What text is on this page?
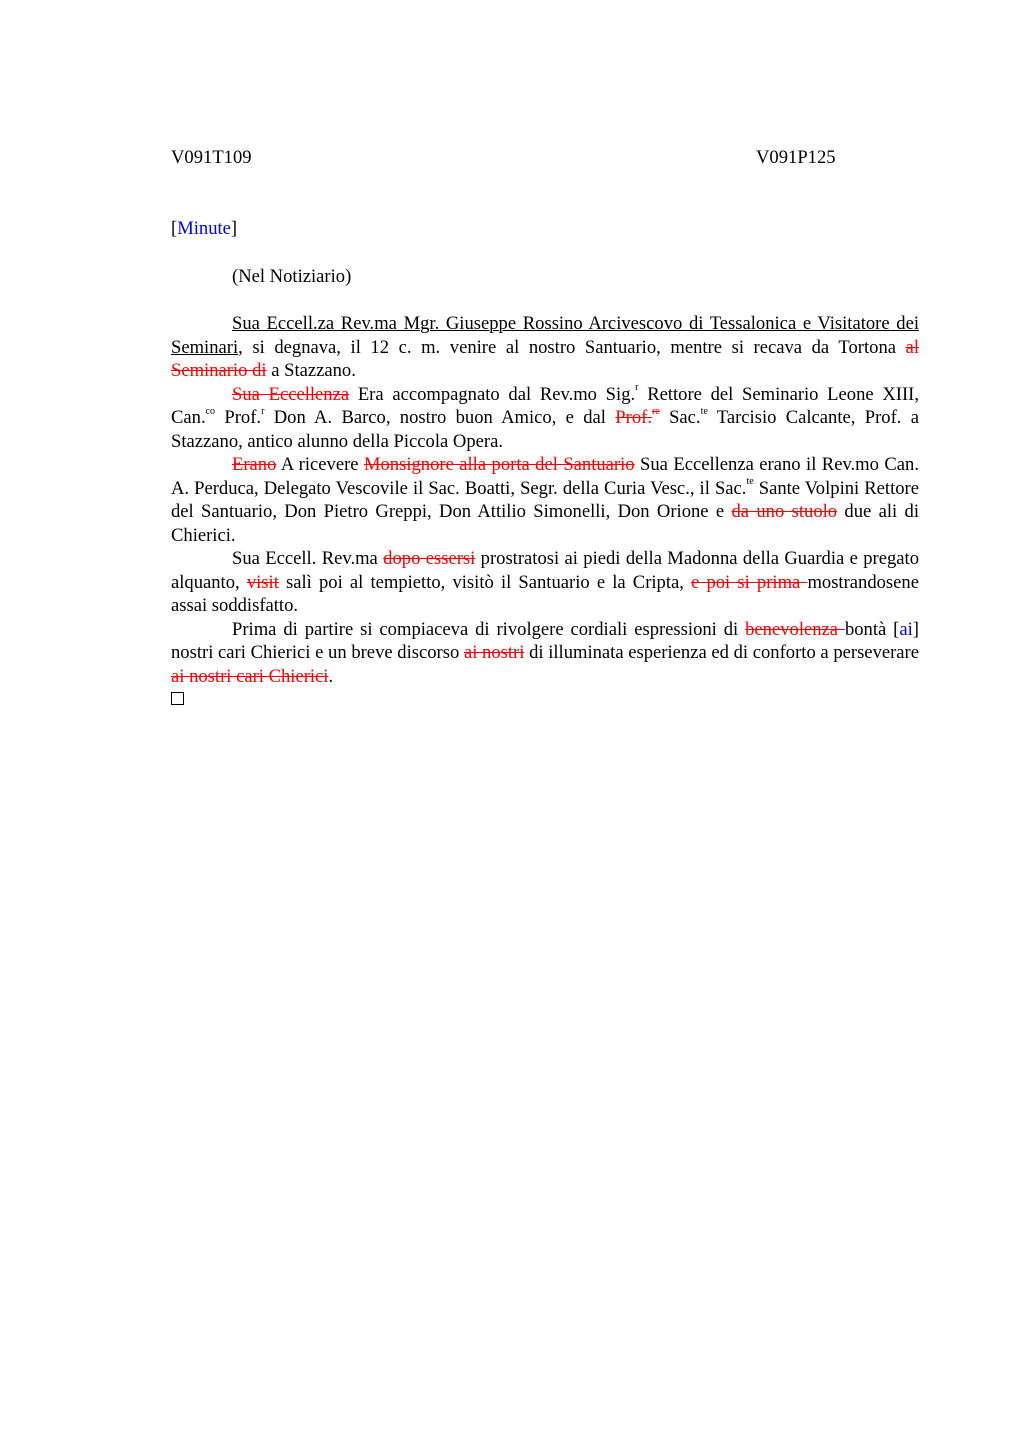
V091T109	V091P125
[Minute]
(Nel Notiziario)

Sua Eccell.za Rev.ma Mgr. Giuseppe Rossino Arcivescovo di Tessalonica e Visitatore dei Seminari, si degnava, il 12 c. m. venire al nostro Santuario, mentre si recava da Tortona al Seminario di a Stazzano.

Sua Eccellenza Era accompagnato dal Rev.mo Sig.$^r$ Rettore del Seminario Leone XIII, Can.$^{co}$ Prof.$^r$ Don A. Barco, nostro buon Amico, e dal Prof.$^{re}$ Sac.$^{te}$ Tarcisio Calcante, Prof. a Stazzano, antico alunno della Piccola Opera.

Erano A ricevere Monsignore alla porta del Santuario Sua Eccellenza erano il Rev.mo Can. A. Perduca, Delegato Vescovile il Sac. Boatti, Segr. della Curia Vesc., il Sac.$^{te}$ Sante Volpini Rettore del Santuario, Don Pietro Greppi, Don Attilio Simonelli, Don Orione e da uno stuolo due ali di Chierici.

Sua Eccell. Rev.ma dopo essersi prostratosi ai piedi della Madonna della Guardia e pregato alquanto, visit salì poi al tempietto, visitò il Santuario e la Cripta, e poi si prima mostrandosene assai soddisfatto.

Prima di partire si compiaceva di rivolgere cordiali espressioni di benevolenza bontà [ai] nostri cari Chierici e un breve discorso ai nostri di illuminata esperienza ed di conforto a perseverare ai nostri cari Chierici.
